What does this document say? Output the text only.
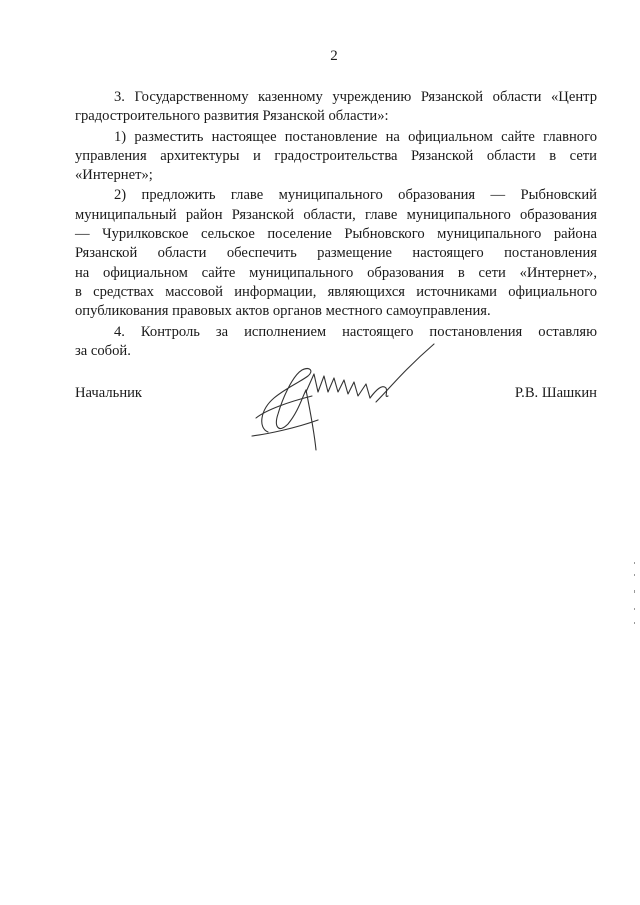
2

3. Государственному казенному учреждению Рязанской области «Центр
градостроительного развития Рязанской области»:

1) разместить настоящее постановление на официальном сайте главного
управления архитектуры и градостроительства Рязанской области в сети
«Интернет»;

2) предложить главе муниципального образования — Рыбновский
муниципальный район Рязанской области, главе муниципального образования
— Чурилковское сельское поселение Рыбновского муниципального района
Рязанской области обеспечить размещение настоящего постановления
на официальном сайте муниципального образования в сети «Интернет»,
в средствах массовой информации, являющихся источниками официального
опубликования правовых актов органов местного самоуправления.

4. Контроль за исполнением настоящего постановления оставляю
за собой.

Начальник	Р.В. Шашкин
